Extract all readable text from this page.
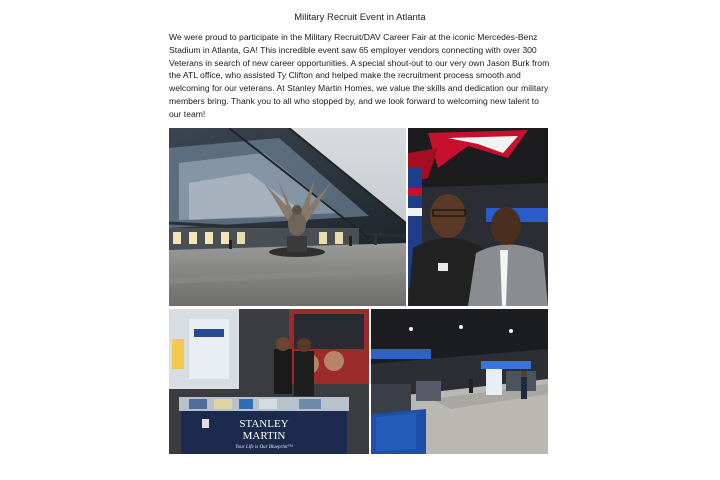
Military Recruit Event in Atlanta
We were proud to participate in the Military Recruit/DAV Career Fair at the iconic Mercedes-Benz Stadium in Atlanta, GA! This incredible event saw 65 employer vendors connecting with over 300 Veterans in search of new career opportunities. A special shout-out to our very own Jason Burk from the ATL office, who assisted Ty Clifton and helped make the recruitment process smooth and welcoming for our veterans. At Stanley Martin Homes, we value the skills and dedication our military members bring. Thank you to all who stopped by, and we look forward to welcoming new talent to our team!
STANLEY
MARTIN
Your Life is Our Blueprint™
